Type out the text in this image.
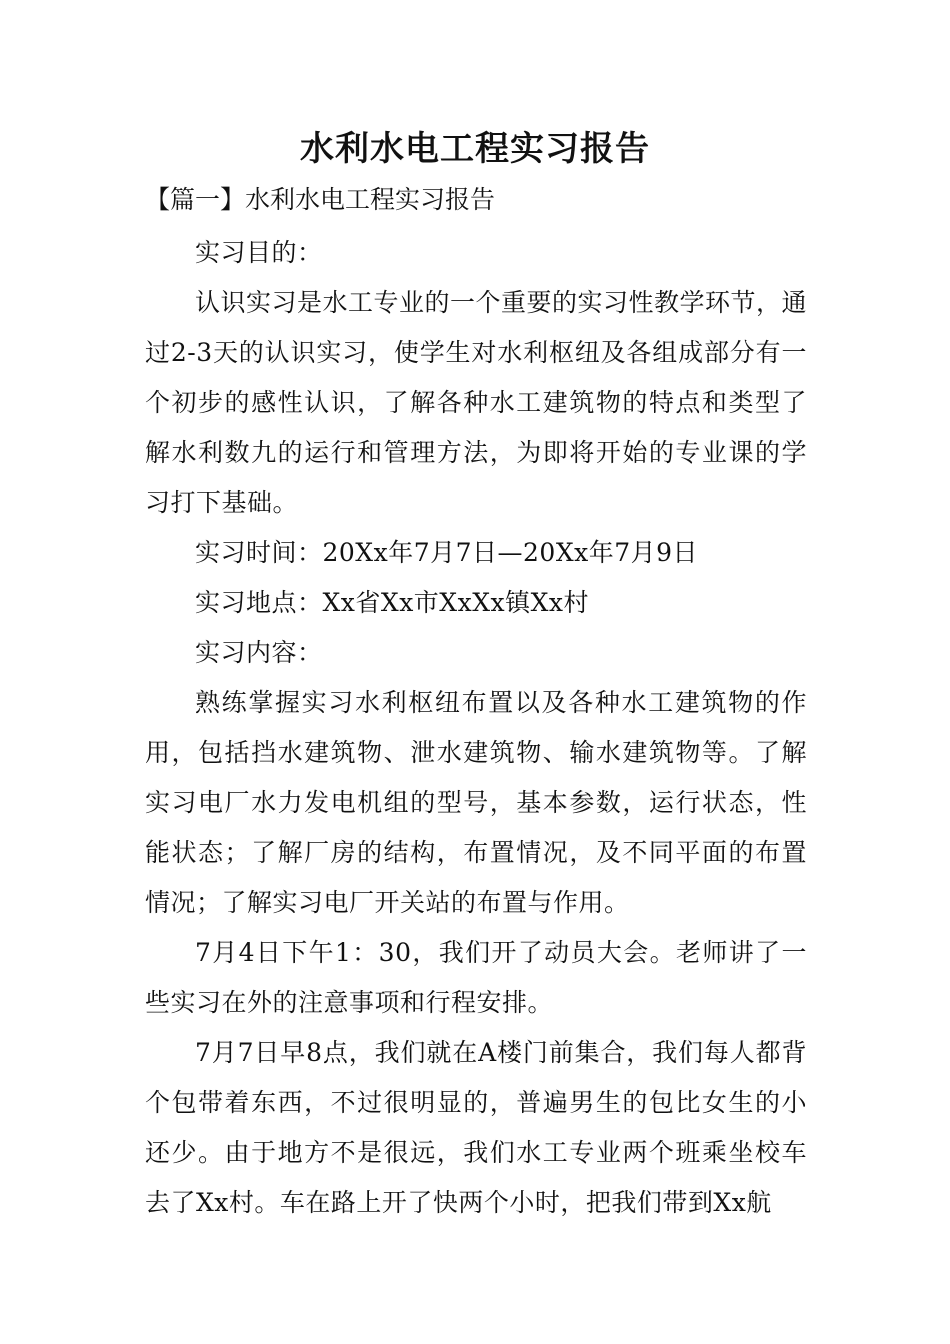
水利水电工程实习报告

【篇一】水利水电工程实习报告

实习目的：

认识实习是水工专业的一个重要的实习性教学环节，通过2-3天的认识实习，使学生对水利枢纽及各组成部分有一个初步的感性认识，了解各种水工建筑物的特点和类型了解水利数九的运行和管理方法，为即将开始的专业课的学习打下基础。

实习时间：20Xx年7月7日—20Xx年7月9日

实习地点：Xx省Xx市XxXx镇Xx村

实习内容：

熟练掌握实习水利枢纽布置以及各种水工建筑物的作用，包括挡水建筑物、泄水建筑物、输水建筑物等。了解实习电厂水力发电机组的型号，基本参数，运行状态，性能状态；了解厂房的结构，布置情况，及不同平面的布置情况；了解实习电厂开关站的布置与作用。

7月4日下午1：30，我们开了动员大会。老师讲了一些实习在外的注意事项和行程安排。

7月7日早8点，我们就在A楼门前集合，我们每人都背个包带着东西，不过很明显的，普遍男生的包比女生的小还少。由于地方不是很远，我们水工专业两个班乘坐校车去了Xx村。车在路上开了快两个小时，把我们带到Xx航
